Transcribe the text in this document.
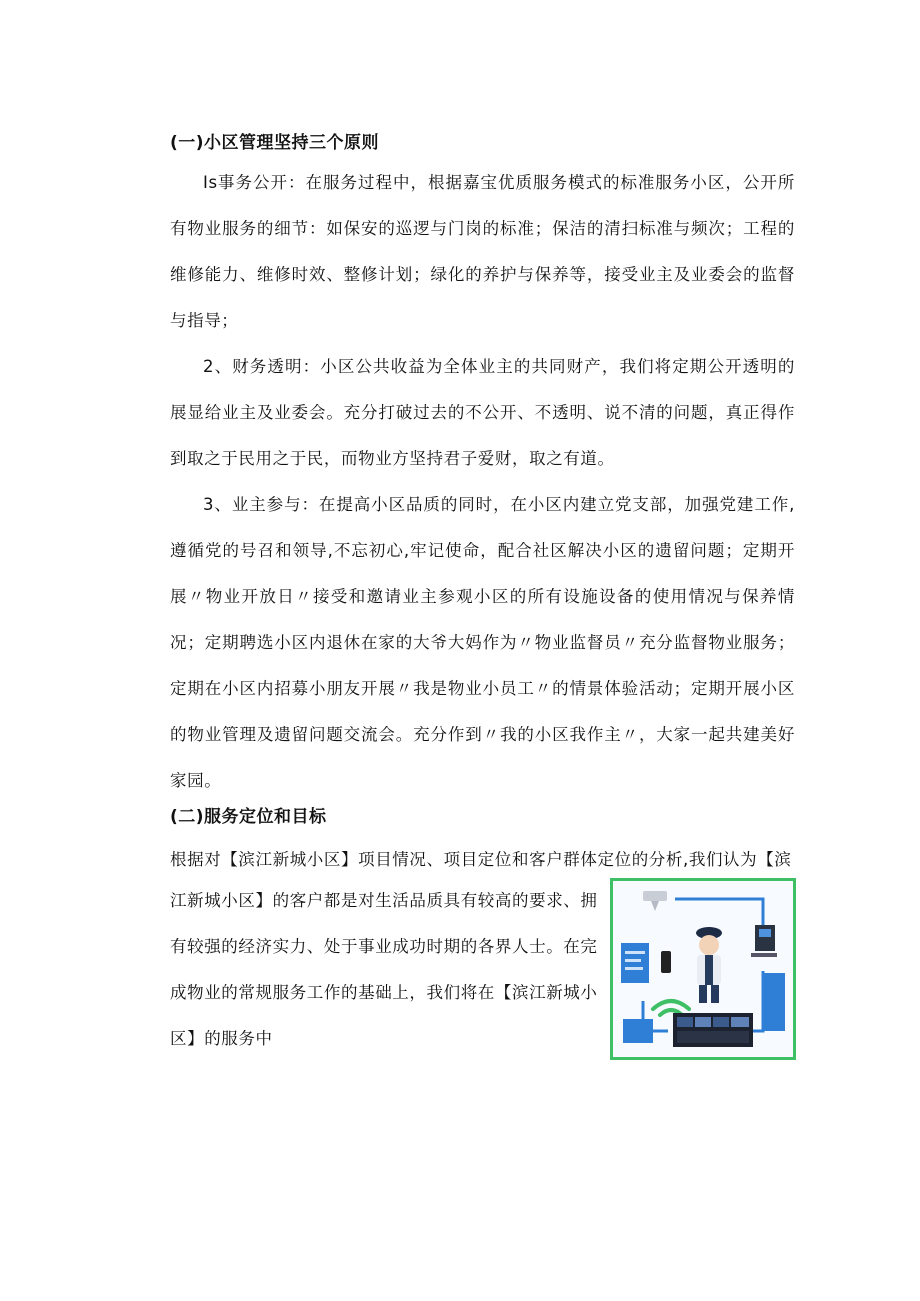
(一)小区管理坚持三个原则

Is事务公开：在服务过程中，根据嘉宝优质服务模式的标准服务小区，公开所有物业服务的细节：如保安的巡逻与门岗的标准；保洁的清扫标准与频次；工程的维修能力、维修时效、整修计划；绿化的养护与保养等，接受业主及业委会的监督与指导；

2、财务透明：小区公共收益为全体业主的共同财产，我们将定期公开透明的展显给业主及业委会。充分打破过去的不公开、不透明、说不清的问题，真正得作到取之于民用之于民，而物业方坚持君子爱财，取之有道。

3、业主参与：在提高小区品质的同时，在小区内建立党支部，加强党建工作,遵循党的号召和领导,不忘初心,牢记使命，配合社区解决小区的遗留问题；定期开展〃物业开放日〃接受和邀请业主参观小区的所有设施设备的使用情况与保养情况；定期聘选小区内退休在家的大爷大妈作为〃物业监督员〃充分监督物业服务；定期在小区内招募小朋友开展〃我是物业小员工〃的情景体验活动；定期开展小区的物业管理及遗留问题交流会。充分作到〃我的小区我作主〃，大家一起共建美好家园。

(二)服务定位和目标
根据对【滨江新城小区】项目情况、项目定位和客户群体定位的分析,我们认为【滨
江新城小区】的客户都是对生活品质具有较高的要求、拥有较强的经济实力、处于事业成功时期的各界人士。在完成物业的常规服务工作的基础上，我们将在【滨江新城小区】的服务中
